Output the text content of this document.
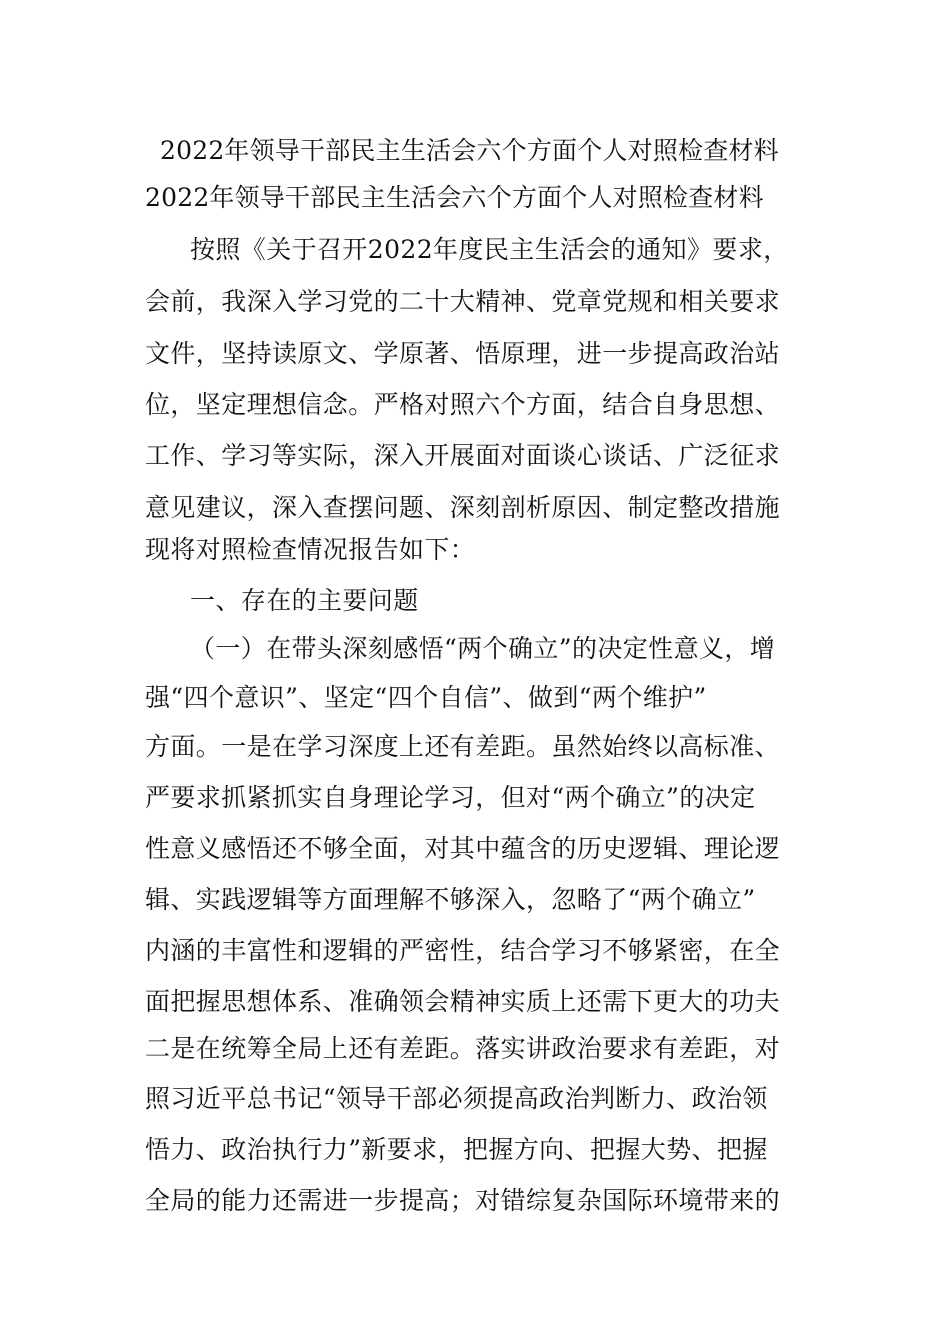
2022年领导干部民主生活会六个方面个人对照检查材料
2022年领导干部民主生活会六个方面个人对照检查材料
按照《关于召开2022年度民主生活会的通知》要求，
会前，我深入学习党的二十大精神、党章党规和相关要求
文件，坚持读原文、学原著、悟原理，进一步提高政治站
位，坚定理想信念。严格对照六个方面，结合自身思想、
工作、学习等实际，深入开展面对面谈心谈话、广泛征求
意见建议，深入查摆问题、深刻剖析原因、制定整改措施
现将对照检查情况报告如下：
一、存在的主要问题
（一）在带头深刻感悟“两个确立”的决定性意义，增
强“四个意识”、坚定“四个自信”、做到“两个维护”
方面。一是在学习深度上还有差距。虽然始终以高标准、
严要求抓紧抓实自身理论学习，但对“两个确立”的决定
性意义感悟还不够全面，对其中蕴含的历史逻辑、理论逻
辑、实践逻辑等方面理解不够深入，忽略了“两个确立”
内涵的丰富性和逻辑的严密性，结合学习不够紧密，在全
面把握思想体系、准确领会精神实质上还需下更大的功夫
二是在统筹全局上还有差距。落实讲政治要求有差距，对
照习近平总书记“领导干部必须提高政治判断力、政治领
悟力、政治执行力”新要求，把握方向、把握大势、把握
全局的能力还需进一步提高；对错综复杂国际环境带来的
